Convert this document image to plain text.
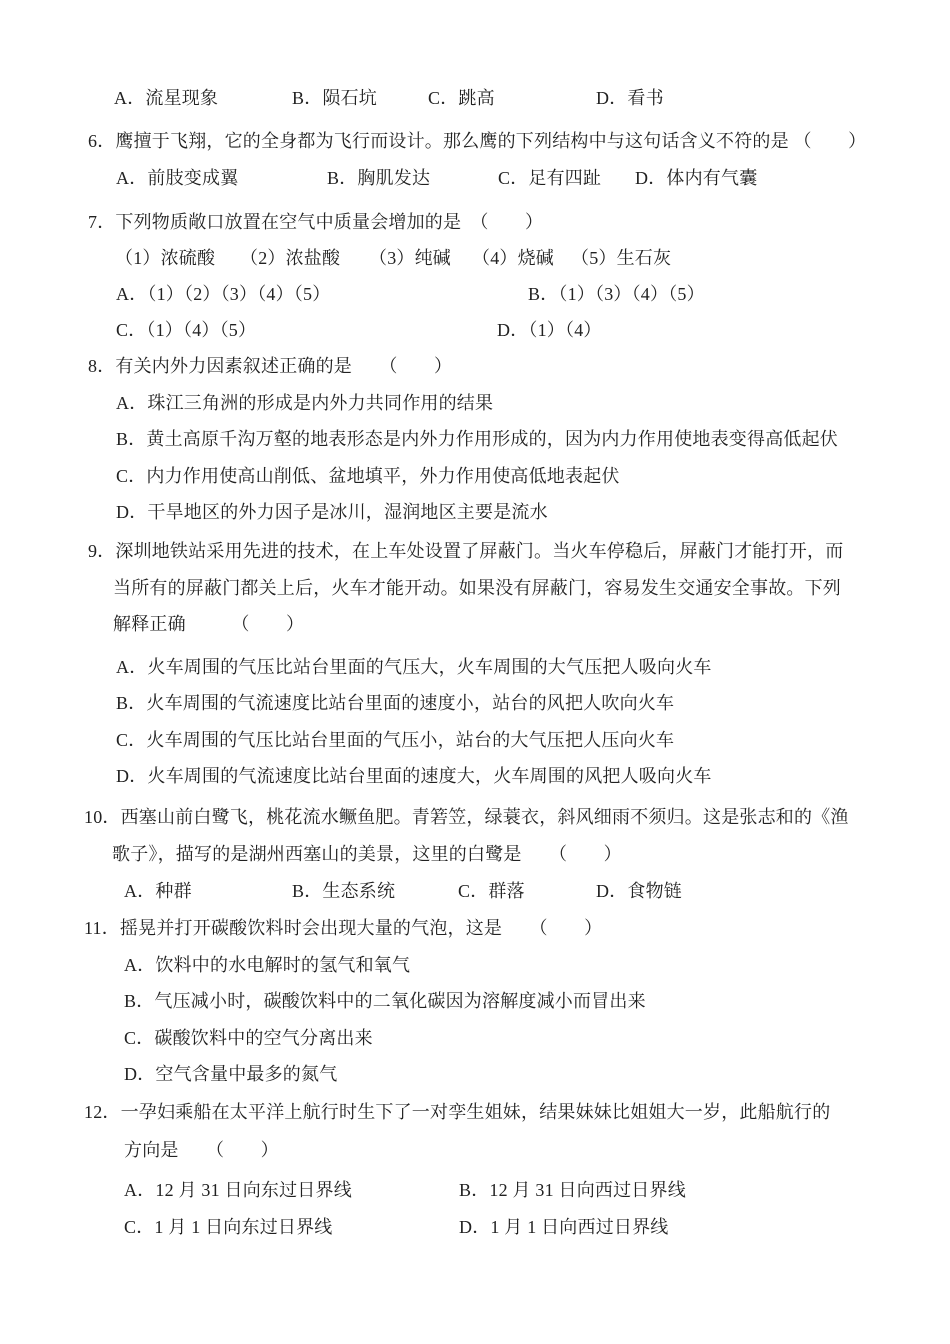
A．流星现象	B．陨石坑	C．跳高	D．看书
6．鹰擅于飞翔，它的全身都为飞行而设计。那么鹰的下列结构中与这句话含义不符的是 （　　）
A．前肢变成翼	B．胸肌发达	C．足有四趾 D．体内有气囊
7．下列物质敞口放置在空气中质量会增加的是　（　　）
（1）浓硫酸 （2）浓盐酸 （3）纯碱 （4）烧碱 （5）生石灰
A．（1）（2）（3）（4）（5）	B．（1）（3）（4）（5）
C．（1）（4）（5）	D．（1）（4）
8．有关内外力因素叙述正确的是　　（　　）
A．珠江三角洲的形成是内外力共同作用的结果
B．黄土高原千沟万壑的地表形态是内外力作用形成的，因为内力作用使地表变得高低起伏
C．内力作用使高山削低、盆地填平，外力作用使高低地表起伏
D．干旱地区的外力因子是冰川，湿润地区主要是流水
9．深圳地铁站采用先进的技术，在上车处设置了屏蔽门。当火车停稳后，屏蔽门才能打开，而
当所有的屏蔽门都关上后，火车才能开动。如果没有屏蔽门，容易发生交通安全事故。下列
解释正确　　　（　　）
A．火车周围的气压比站台里面的气压大，火车周围的大气压把人吸向火车
B．火车周围的气流速度比站台里面的速度小，站台的风把人吹向火车
C．火车周围的气压比站台里面的气压小，站台的大气压把人压向火车
D．火车周围的气流速度比站台里面的速度大，火车周围的风把人吸向火车
10．西塞山前白鹭飞，桃花流水鳜鱼肥。青箬笠，绿蓑衣，斜风细雨不须归。这是张志和的《渔
歌子》，描写的是湖州西塞山的美景，这里的白鹭是　　（　　）
A．种群	B．生态系统	C．群落	D．食物链
11．摇晃并打开碳酸饮料时会出现大量的气泡，这是　　（　　）
A．饮料中的水电解时的氢气和氧气
B．气压减小时，碳酸饮料中的二氧化碳因为溶解度减小而冒出来
C．碳酸饮料中的空气分离出来
D．空气含量中最多的氮气
12．一孕妇乘船在太平洋上航行时生下了一对孪生姐妹，结果妹妹比姐姐大一岁，此船航行的
方向是　　（　　）
A．12 月 31 日向东过日界线	B．12 月 31 日向西过日界线
C．1 月 1 日向东过日界线	D．1 月 1 日向西过日界线
